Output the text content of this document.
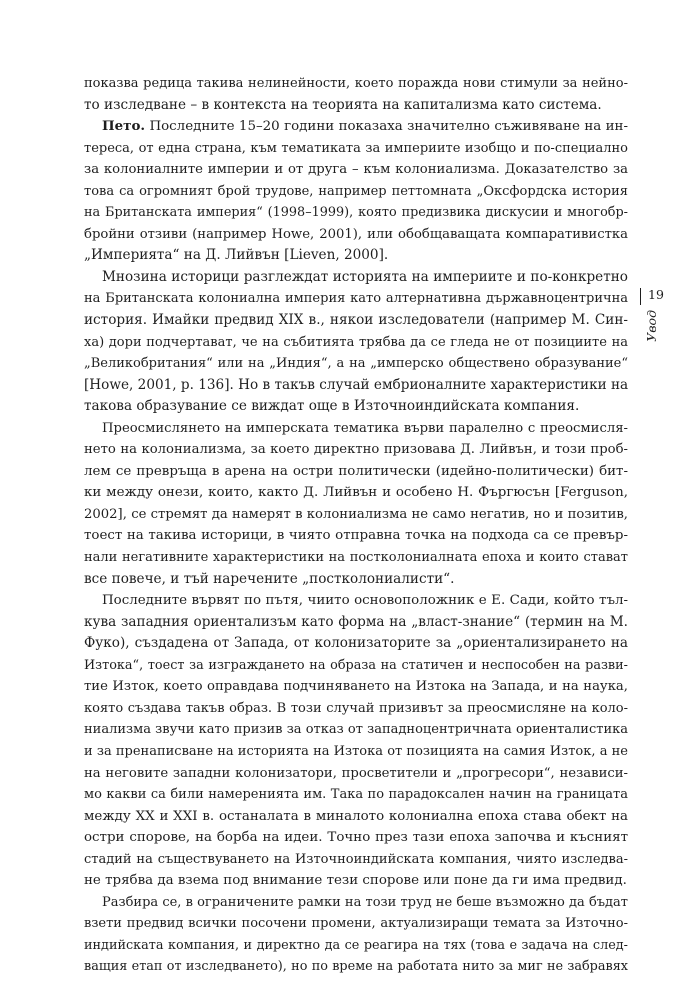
показва редица такива нелинейности, което поражда нови стимули за нейно-
то изследване – в контекста на теорията на капитализма като система.
Пето. Последните 15–20 години показаха значително съживяване на ин-
тереса, от една страна, към тематиката за империите изобщо и по-специално
за колониалните империи и от друга – към колониализма. Доказателство за
това са огромният брой трудове, например петтомната „Оксфордска история
на Британската империя“ (1998–1999), която предизвика дискусии и многобр-
бройни отзиви (например Howe, 2001), или обобщаващата компаративистка
„Империята“ на Д. Лийвън [Lieven, 2000].
Мнозина историци разглеждат историята на империите и по-конкретно
на Британската колониална империя като алтернативна държавноцентрична
история. Имайки предвид XIX в., някои изследователи (например М. Син-
ха) дори подчертават, че на събитията трябва да се гледа не от позициите на
„Великобритания“ или на „Индия“, а на „имперско обществено образувание“
[Howe, 2001, p. 136]. Но в такъв случай ембрионалните характеристики на
такова образувание се виждат още в Източноиндийската компания.
Преосмислянето на имперската тематика върви паралелно с преосмисля-
нето на колониализма, за което директно призовава Д. Лийвън, и този проб-
лем се превръща в арена на остри политически (идейно-политически) бит-
ки между онези, които, както Д. Лийвън и особено Н. Фъргюсън [Ferguson,
2002], се стремят да намерят в колониализма не само негатив, но и позитив,
тоест на такива историци, в чиято отправна точка на подхода са се превър-
нали негативните характеристики на постколониалната епоха и които стават
все повече, и тъй наречените „постколониалисти“.
Последните вървят по пътя, чиито основоположник е Е. Сади, който тъл-
кува западния ориентализъм като форма на „власт-знание“ (термин на М.
Фуко), създадена от Запада, от колонизаторите за „ориентализирането на
Изтока“, тоест за изграждането на образа на статичен и неспособен на разви-
тие Изток, което оправдава подчиняването на Изтока на Запада, и на наука,
която създава такъв образ. В този случай призивът за преосмисляне на коло-
ниализма звучи като призив за отказ от западноцентричната ориенталистика
и за пренаписване на историята на Изтока от позицията на самия Изток, а не
на неговите западни колонизатори, просветители и „прогресори“, независи-
мо какви са били намеренията им. Така по парадоксален начин на границата
между XX и XXI в. останалата в миналото колониална епоха става обект на
остри спорове, на борба на идеи. Точно през тази епоха започва и късният
стадий на съществуването на Източноиндийската компания, чиято изследва-
не трябва да взема под внимание тези спорове или поне да ги има предвид.
Разбира се, в ограничените рамки на този труд не беше възможно да бъдат
взети предвид всички посочени промени, актуализиращи темата за Източно-
индийската компания, и директно да се реагира на тях (това е задача на след-
ващия етап от изследването), но по време на работата нито за миг не забравях
19
Увод
